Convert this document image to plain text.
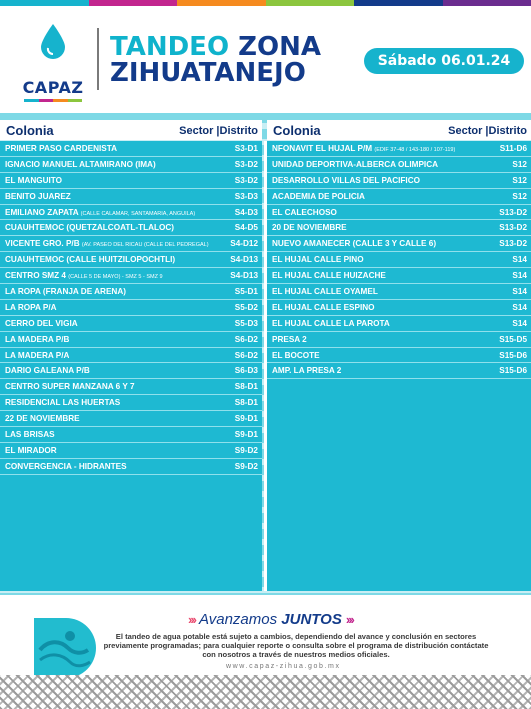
CAPAZ
TANDEO ZONA
ZIHUATANEJO	Sábado 06.01.24
Colonia	Sector |Distrito Colonia	Sector |Distrito
PRIMER PASO CARDENISTA	S3-D1
IGNACIO MANUEL ALTAMIRANO (IMA)	S3-D2
EL MANGUITO	S3-D2
BENITO JUAREZ	S3-D3
EMILIANO ZAPATA (CALLE CALAMAR, SANTAMARIA, ANGUILA)	S4-D3
CUAUHTEMOC (QUETZALCOATL-TLALOC)	S4-D5
VICENTE GRO. P/B (AV. PASEO DEL RICAU (CALLE DEL PEDREGAL)	S4-D12
CUAUHTEMOC (CALLE HUITZILOPOCHTLI)	S4-D13
CENTRO SMZ 4 (CALLE 5 DE MAYO) - SMZ 5 - SMZ 9	S4-D13
LA ROPA (FRANJA DE ARENA)	S5-D1
LA ROPA P/A	S5-D2
CERRO DEL VIGIA	S5-D3
LA MADERA P/B	S6-D2
LA MADERA P/A	S6-D2
DARIO GALEANA P/B	S6-D3
CENTRO SUPER MANZANA 6 Y 7	S8-D1
RESIDENCIAL LAS HUERTAS	S8-D1
22 DE NOVIEMBRE	S9-D1
LAS BRISAS	S9-D1
EL MIRADOR	S9-D2
CONVERGENCIA - HIDRANTES	S9-D2
NFONAVIT EL HUJAL P/M (EDIF 37-48 / 143-180 / 107-119)	S11-D6
UNIDAD DEPORTIVA-ALBERCA OLIMPICA	S12
DESARROLLO VILLAS DEL PACIFICO	S12
ACADEMIA DE POLICIA	S12
EL CALECHOSO	S13-D2
20 DE NOVIEMBRE	S13-D2
NUEVO AMANECER (CALLE 3 Y CALLE 6)	S13-D2
EL HUJAL CALLE PINO	S14
EL HUJAL CALLE HUIZACHE	S14
EL HUJAL CALLE OYAMEL	S14
EL HUJAL CALLE ESPINO	S14
EL HUJAL CALLE LA PAROTA	S14
PRESA 2	S15-D5
EL BOCOTE	S15-D6
AMP. LA PRESA 2	S15-D6
››› Avanzamos JUNTOS ›››
El tandeo de agua potable está sujeto a cambios, dependiendo del avance y conclusión en sectores previamente programadas; para cualquier reporte o consulta sobre el programa de distribución contáctate con nosotros a través de nuestros medios oficiales.
www.capaz-zihua.gob.mx
